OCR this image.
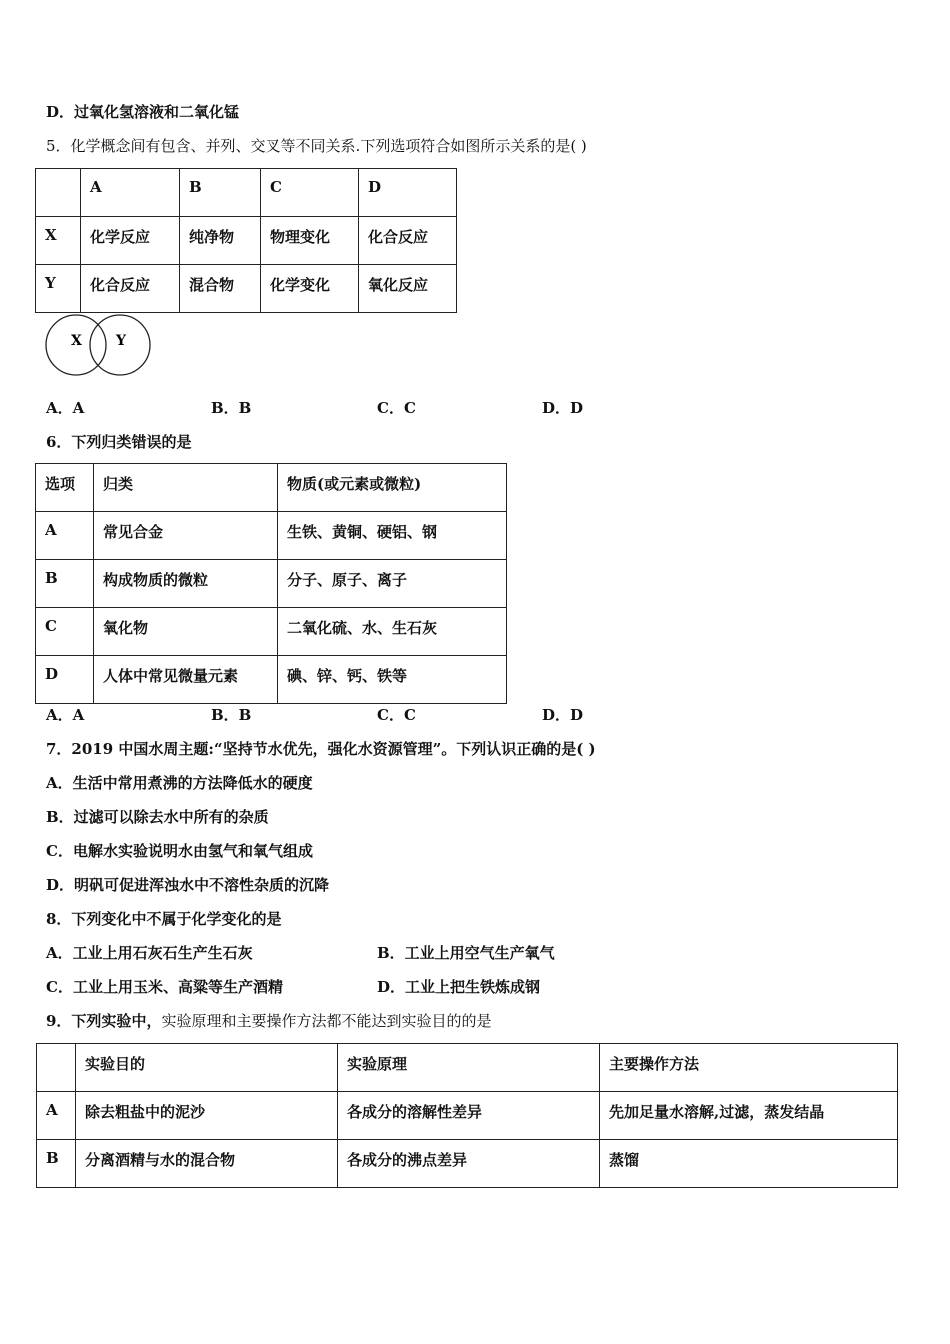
D．过氧化氢溶液和二氧化锰
5．化学概念间有包含、并列、交叉等不同关系.下列选项符合如图所示关系的是( )
	A	B	C	D
X	化学反应	纯净物	物理变化	化合反应
Y	化合反应	混合物	化学变化	氧化反应
X Y
A．A	B．B	C．C	D．D
6．下列归类错误的是
选项	归类	物质(或元素或微粒)
A	常见合金	生铁、黄铜、硬铝、钢
B	构成物质的微粒	分子、原子、离子
C	氧化物	二氧化硫、水、生石灰
D	人体中常见微量元素	碘、锌、钙、铁等
A．A	B．B	C．C	D．D
7．2019 中国水周主题:“坚持节水优先，强化水资源管理”。下列认识正确的是( )
A．生活中常用煮沸的方法降低水的硬度
B．过滤可以除去水中所有的杂质
C．电解水实验说明水由氢气和氧气组成
D．明矾可促进浑浊水中不溶性杂质的沉降
8．下列变化中不属于化学变化的是
A．工业上用石灰石生产生石灰	B．工业上用空气生产氧气
C．工业上用玉米、高粱等生产酒精	D．工业上把生铁炼成钢
9．下列实验中，实验原理和主要操作方法都不能达到实验目的的是
	实验目的	实验原理	主要操作方法
A	除去粗盐中的泥沙	各成分的溶解性差异	先加足量水溶解,过滤，蒸发结晶
B	分离酒精与水的混合物	各成分的沸点差异	蒸馏
